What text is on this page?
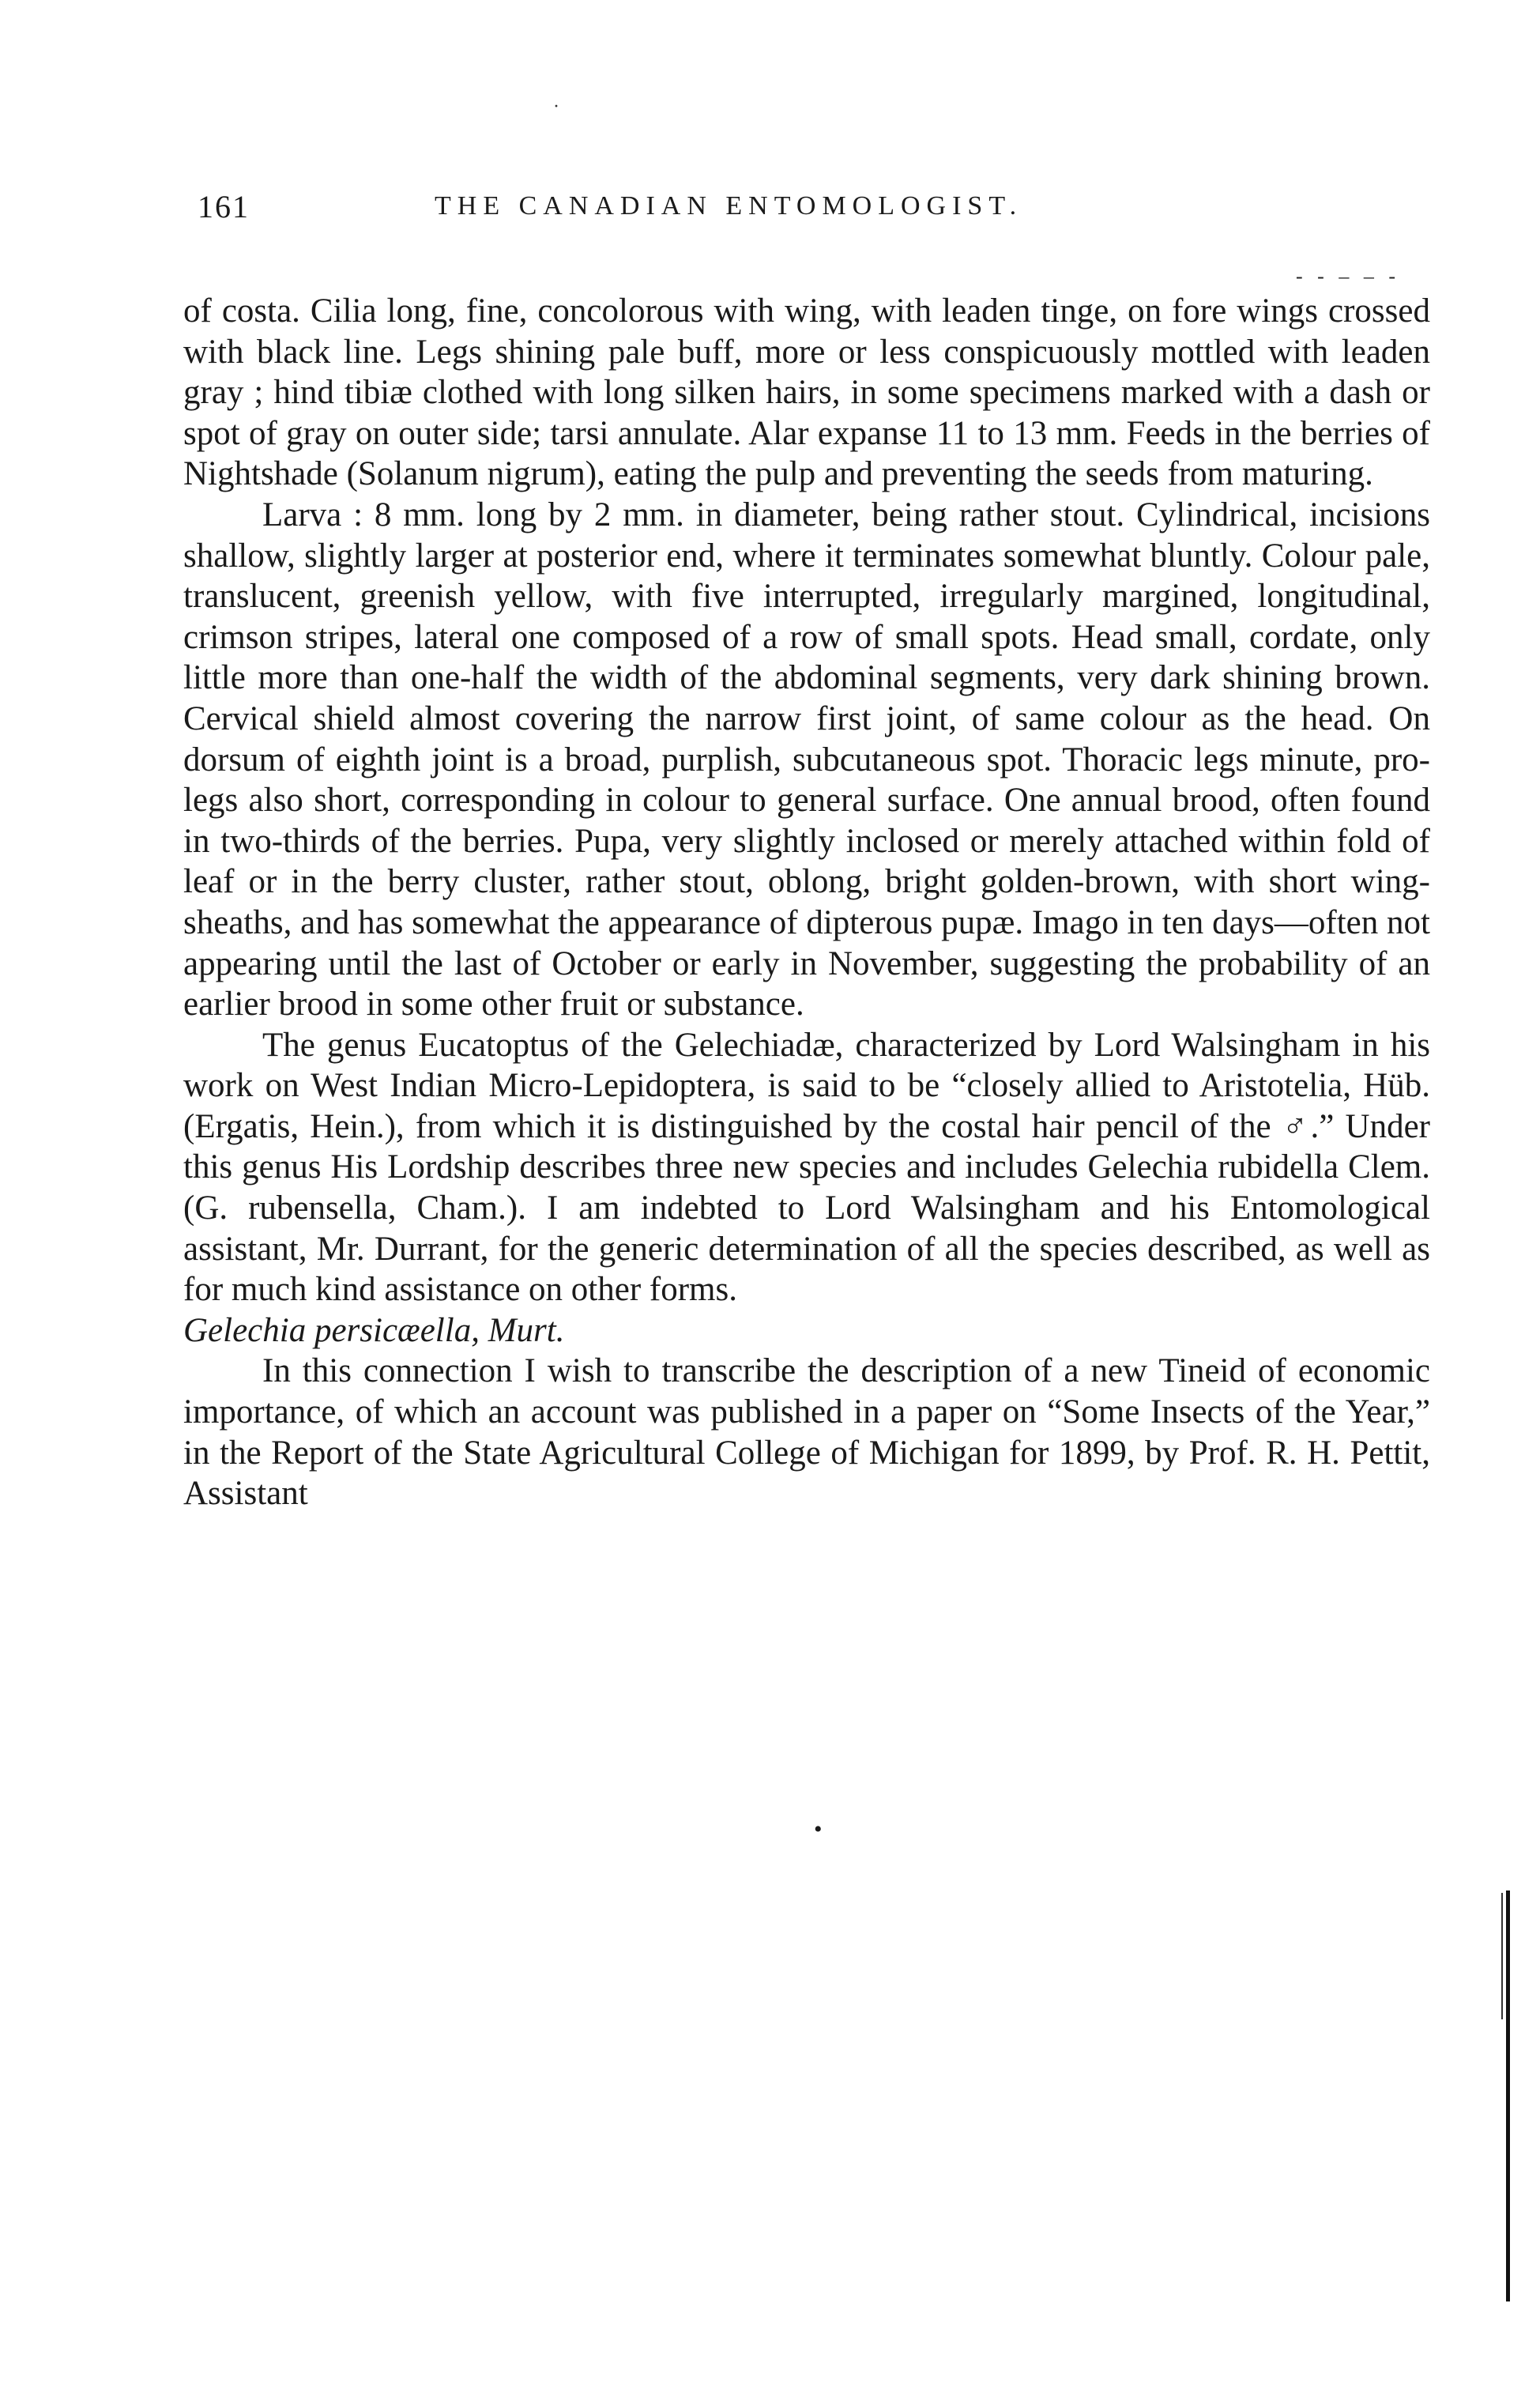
·
161	THE CANADIAN ENTOMOLOGIST.
- - ‒ ‒ -

of costa. Cilia long, fine, concolorous with wing, with leaden tinge, on fore wings crossed with black line. Legs shining pale buff, more or less conspicuously mottled with leaden gray ; hind tibiæ clothed with long silken hairs, in some specimens marked with a dash or spot of gray on outer side; tarsi annulate. Alar expanse 11 to 13 mm. Feeds in the berries of Nightshade (Solanum nigrum), eating the pulp and preventing the seeds from maturing.

Larva : 8 mm. long by 2 mm. in diameter, being rather stout. Cylindrical, incisions shallow, slightly larger at posterior end, where it terminates somewhat bluntly. Colour pale, translucent, greenish yellow, with five interrupted, irregularly margined, longitudinal, crimson stripes, lateral one composed of a row of small spots. Head small, cordate, only little more than one-half the width of the abdominal segments, very dark shining brown. Cervical shield almost covering the narrow first joint, of same colour as the head. On dorsum of eighth joint is a broad, purplish, subcutaneous spot. Thoracic legs minute, pro-legs also short, corresponding in colour to general surface. One annual brood, often found in two-thirds of the berries. Pupa, very slightly inclosed or merely attached within fold of leaf or in the berry cluster, rather stout, oblong, bright golden-brown, with short wing-sheaths, and has somewhat the appearance of dipterous pupæ. Imago in ten days—often not appearing until the last of October or early in November, suggesting the probability of an earlier brood in some other fruit or substance.

The genus Eucatoptus of the Gelechiadæ, characterized by Lord Walsingham in his work on West Indian Micro-Lepidoptera, is said to be “closely allied to Aristotelia, Hüb. (Ergatis, Hein.), from which it is distinguished by the costal hair pencil of the ♂.” Under this genus His Lordship describes three new species and includes Gelechia rubidella Clem. (G. rubensella, Cham.). I am indebted to Lord Walsingham and his Entomological assistant, Mr. Durrant, for the generic determination of all the species described, as well as for much kind assistance on other forms.

Gelechia persicæella, Murt.

In this connection I wish to transcribe the description of a new Tineid of economic importance, of which an account was published in a paper on “Some Insects of the Year,” in the Report of the State Agricultural College of Michigan for 1899, by Prof. R. H. Pettit, Assistant

•
